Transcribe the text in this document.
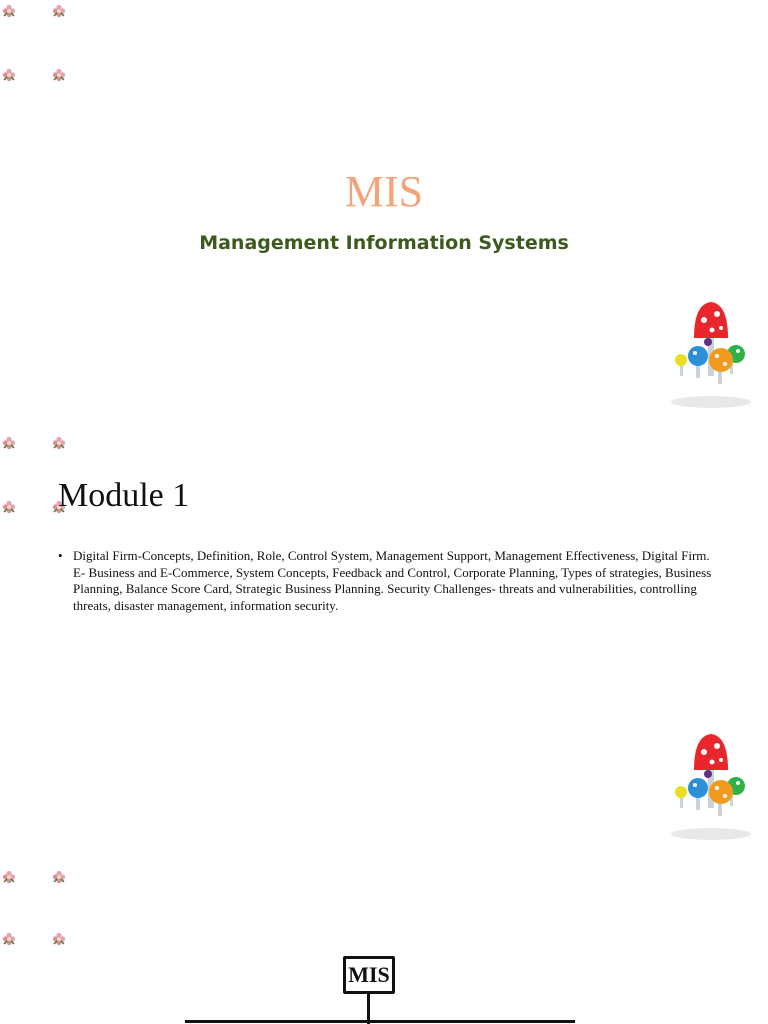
MIS
Management Information Systems
Module 1
• Digital Firm-Concepts, Definition, Role, Control System, Management Support, Management Effectiveness, Digital Firm. E- Business and E-Commerce, System Concepts, Feedback and Control, Corporate Planning, Types of strategies, Business Planning, Balance Score Card, Strategic Business Planning. Security Challenges- threats and vulnerabilities, controlling threats, disaster management, information security.
MIS
